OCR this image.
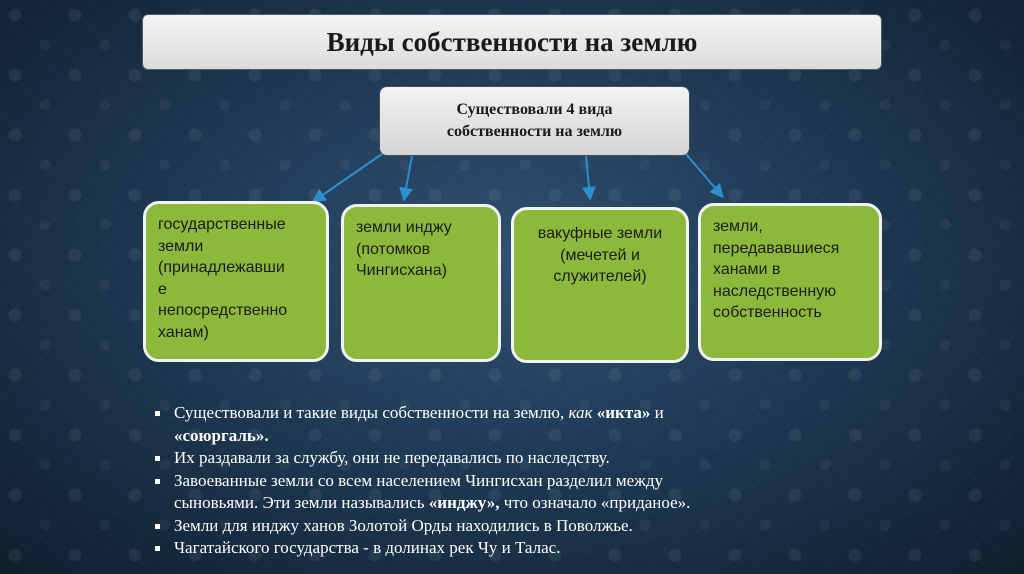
Виды собственности на землю
Существовали 4 вида
собственности на землю
государственные
земли
(принадлежавши
е
непосредственно
ханам)
земли инджу
(потомков
Чингисхана)
вакуфные земли
(мечетей и
служителей)
земли,
передававшиеся
ханами в
наследственную
собственность
Существовали и такие виды собственности на землю, как «икта» и
«союргаль».
Их раздавали за службу, они не передавались по наследству.
Завоеванные земли со всем населением Чингисхан разделил между
сыновьями. Эти земли назывались «инджу», что означало «приданое».
Земли для инджу ханов Золотой Орды находились в Поволжье.
Чагатайского государства - в долинах рек Чу и Талас.
